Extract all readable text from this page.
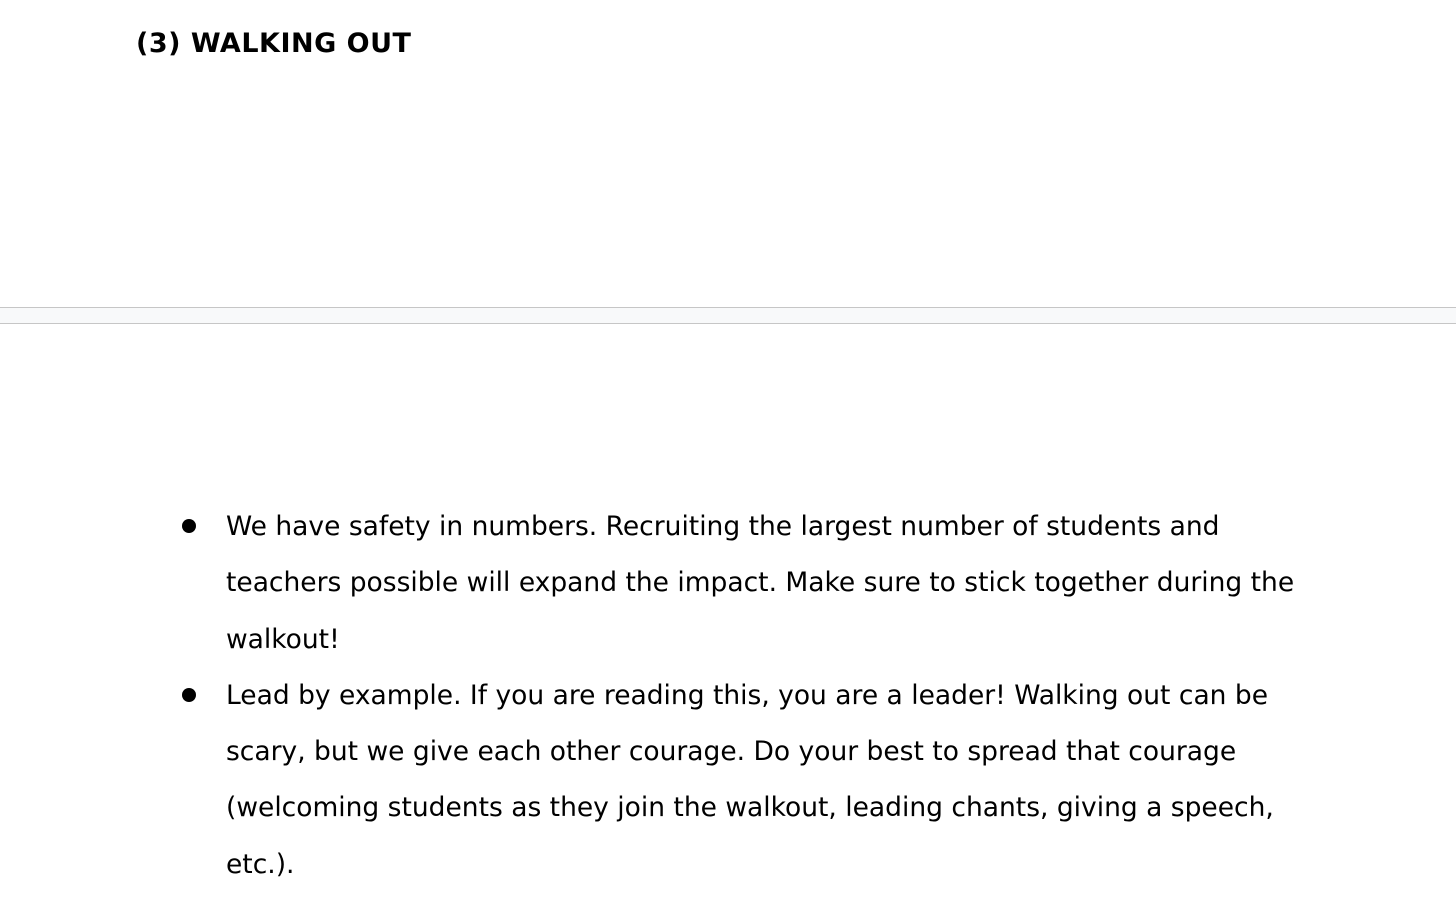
(3) WALKING OUT
We have safety in numbers. Recruiting the largest number of students and teachers possible will expand the impact. Make sure to stick together during the walkout!
Lead by example. If you are reading this, you are a leader! Walking out can be scary, but we give each other courage. Do your best to spread that courage (welcoming students as they join the walkout, leading chants, giving a speech, etc.).
